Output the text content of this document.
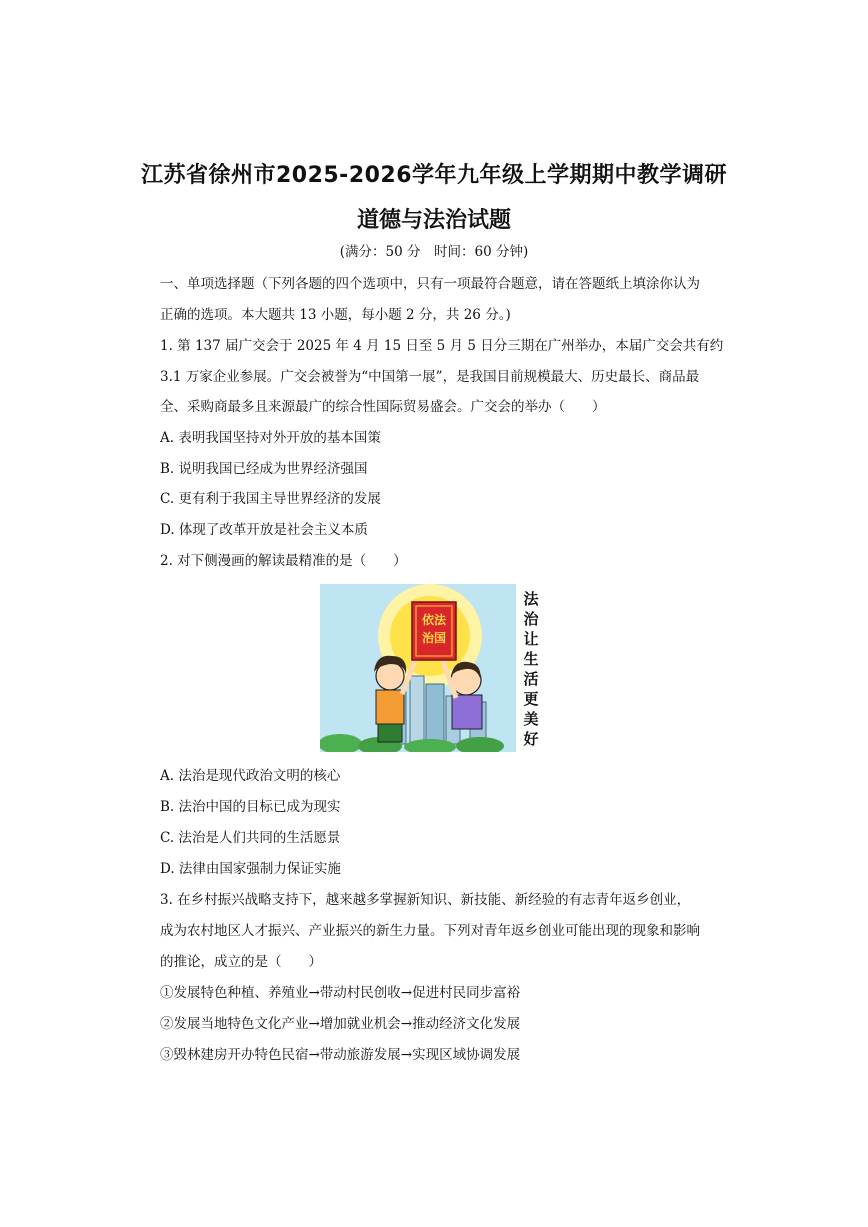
江苏省徐州市2025-2026学年九年级上学期期中教学调研
道德与法治试题
(满分：50 分　时间：60 分钟)
一、单项选择题（下列各题的四个选项中，只有一项最符合题意，请在答题纸上填涂你认为
正确的选项。本大题共 13 小题，每小题 2 分，共 26 分。)
1. 第 137 届广交会于 2025 年 4 月 15 日至 5 月 5 日分三期在广州举办，本届广交会共有约
3.1 万家企业参展。广交会被誉为“中国第一展”，是我国目前规模最大、历史最长、商品最
全、采购商最多且来源最广的综合性国际贸易盛会。广交会的举办（　　）
A. 表明我国坚持对外开放的基本国策
B. 说明我国已经成为世界经济强国
C. 更有利于我国主导世界经济的发展
D. 体现了改革开放是社会主义本质
2. 对下侧漫画的解读最精准的是（　　）
依法
治国
法
治
让
生
活
更
美
好
A. 法治是现代政治文明的核心
B. 法治中国的目标已成为现实
C. 法治是人们共同的生活愿景
D. 法律由国家强制力保证实施
3. 在乡村振兴战略支持下，越来越多掌握新知识、新技能、新经验的有志青年返乡创业，
成为农村地区人才振兴、产业振兴的新生力量。下列对青年返乡创业可能出现的现象和影响
的推论，成立的是（　　）
①发展特色种植、养殖业→带动村民创收→促进村民同步富裕
②发展当地特色文化产业→增加就业机会→推动经济文化发展
③毁林建房开办特色民宿→带动旅游发展→实现区域协调发展
